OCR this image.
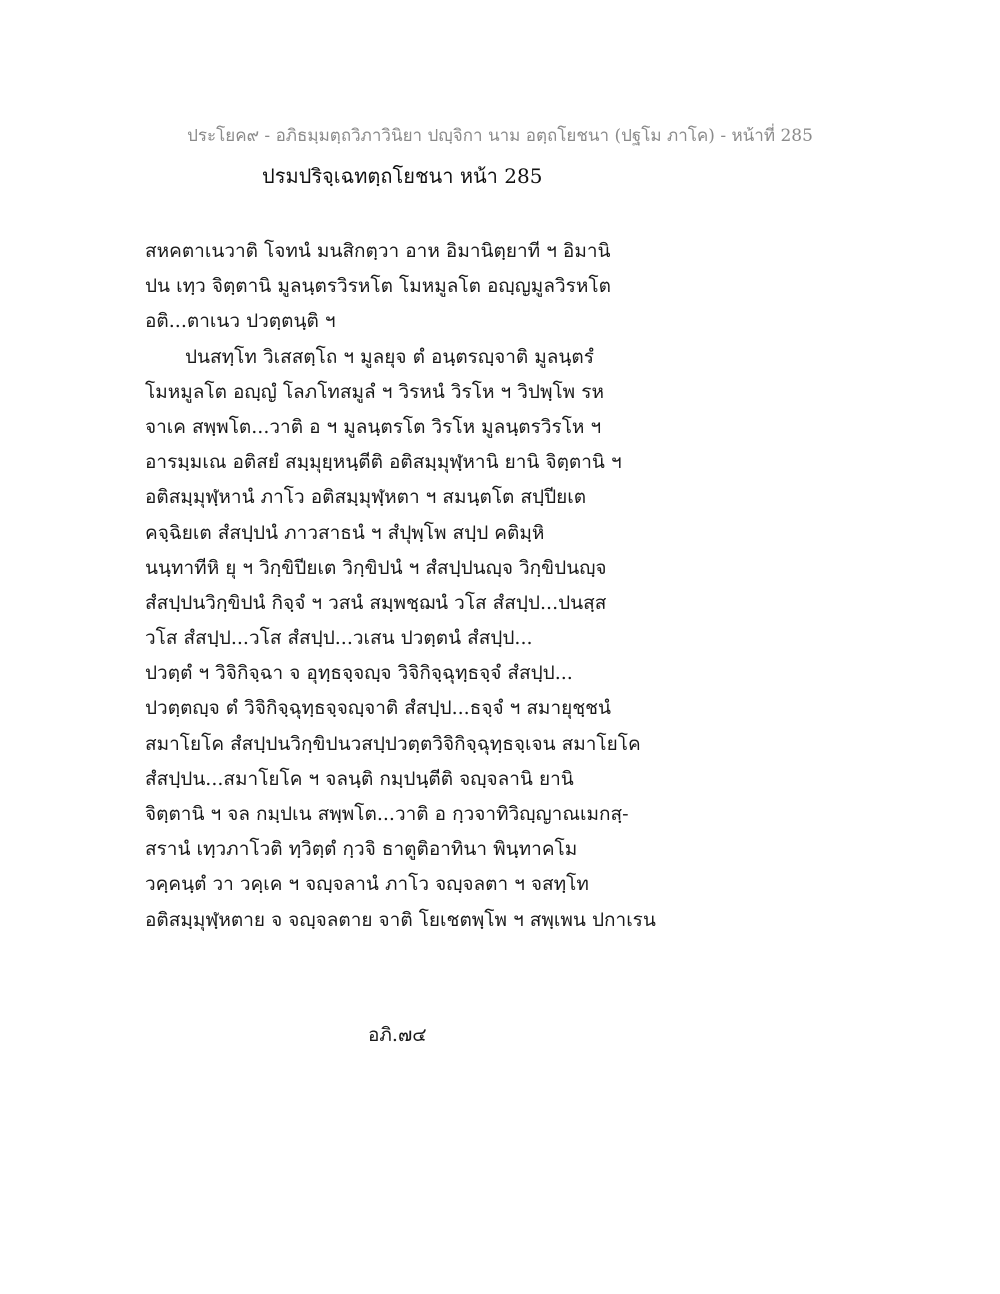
ประโยค๙ - อภิธมฺมตฺถวิภาวินิยา ปญฺจิกา นาม อตฺถโยชนา (ปฐโม ภาโค) - หน้าที่ 285
ปรมปริจฺเฉทตฺถโยชนา หน้า 285
สหคตาเนวาติ โจทนํ มนสิกตฺวา อาห อิมานิตฺยาที ฯ อิมานิ
ปน เทฺว จิตฺตานิ มูลนฺตรวิรหโต โมหมูลโต อญฺญมูลวิรหโต
อติ...ตาเนว ปวตฺตนฺติ ฯ
ปนสทฺโท วิเสสตฺโถ ฯ มูลยุจ ตํ อนฺตรญฺจาติ มูลนฺตรํ
โมหมูลโต อญฺญํ โลภโทสมูลํ ฯ วิรหนํ วิรโห ฯ วิปพฺโพ รห
จาเค สพฺพโต...วาติ อ ฯ มูลนฺตรโต วิรโห มูลนฺตรวิรโห ฯ
อารมฺมเณ อติสยํ สมฺมุยฺหนฺตีติ อติสมฺมุฬฺหานิ ยานิ จิตฺตานิ ฯ
อติสมฺมุฬฺหานํ ภาโว อติสมฺมุฬฺหตา ฯ สมนฺตโต สปฺปียเต
คจฺฉิยเต สํสปฺปนํ ภาวสาธนํ ฯ สํปุพฺโพ สปฺป คติมฺหิ
นนฺทาทีหิ ยุ ฯ วิกฺขิปียเต วิกฺขิปนํ ฯ สํสปฺปนญฺจ วิกฺขิปนญฺจ
สํสปฺปนวิกฺขิปนํ กิจฺจํ ฯ วสนํ สมฺพชฺฌนํ วโส สํสปฺป...ปนสฺส
วโส สํสปฺป...วโส สํสปฺป...วเสน ปวตฺตนํ สํสปฺป...
ปวตฺตํ ฯ วิจิกิจฺฉา จ อุทฺธจฺจญฺจ วิจิกิจฺฉุทฺธจฺจํ สํสปฺป...
ปวตฺตญฺจ ตํ วิจิกิจฺฉุทฺธจฺจญฺจาติ สํสปฺป...ธจฺจํ ฯ สมายุชฺชนํ
สมาโยโค สํสปฺปนวิกฺขิปนวสปฺปวตฺตวิจิกิจฺฉุทฺธจฺเจน สมาโยโค
สํสปฺปน...สมาโยโค ฯ จลนฺติ กมฺปนฺตีติ จญฺจลานิ ยานิ
จิตฺตานิ ฯ จล กมฺปเน สพฺพโต...วาติ อ กฺวจาทิวิญฺญาณเมกสฺ-
สรานํ เทฺวภาโวติ ทฺวิตฺตํ กฺวจิ ธาตูติอาทินา พินฺทาคโม
วคฺคนฺตํ วา วคฺเค ฯ จญฺจลานํ ภาโว จญฺจลตา ฯ จสทฺโท
อติสมฺมุฬฺหตาย จ จญฺจลตาย จาติ โยเชตพฺโพ ฯ สพฺเพน ปกาเรน
อภิ.๗๔
